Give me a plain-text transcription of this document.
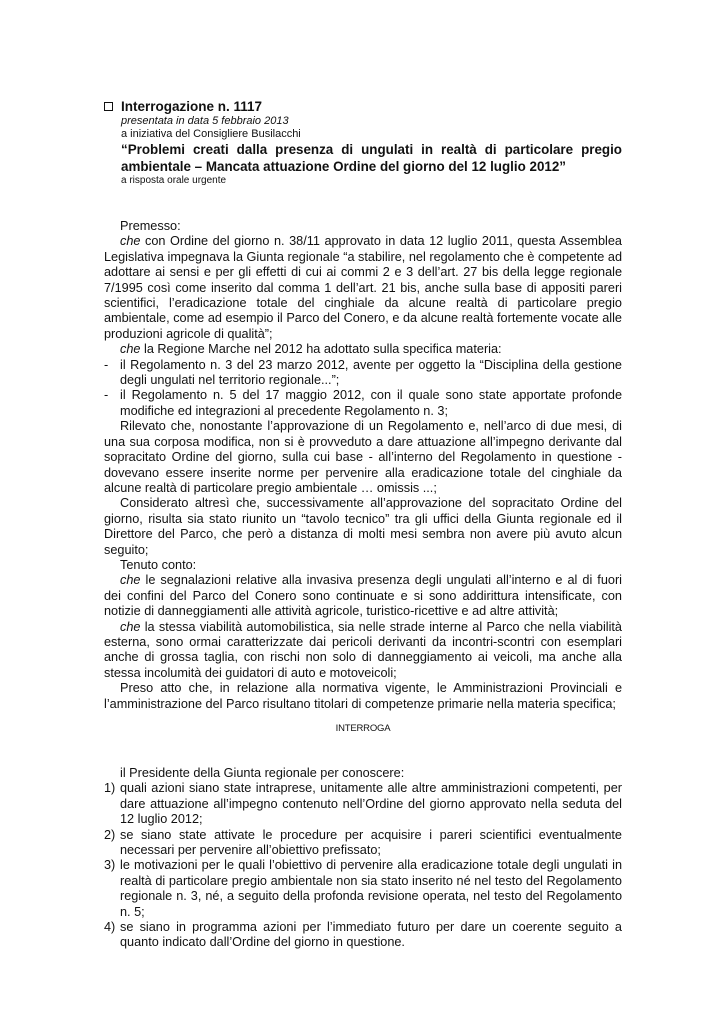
Interrogazione n. 1117
presentata in data 5 febbraio 2013
a iniziativa del Consigliere Busilacchi
“Problemi creati dalla presenza di ungulati in realtà di particolare pregio ambientale – Mancata attuazione Ordine del giorno del 12 luglio 2012”
a risposta orale urgente

Premesso:

che con Ordine del giorno n. 38/11 approvato in data 12 luglio 2011, questa Assemblea Legislativa impegnava la Giunta regionale “a stabilire, nel regolamento che è competente ad adottare ai sensi e per gli effetti di cui ai commi 2 e 3 dell’art. 27 bis della legge regionale 7/1995 così come inserito dal comma 1 dell’art. 21 bis, anche sulla base di appositi pareri scientifici, l’eradicazione totale del cinghiale da alcune realtà di particolare pregio ambientale, come ad esempio il Parco del Conero, e da alcune realtà fortemente vocate alle produzioni agricole di qualità”;

che la Regione Marche nel 2012 ha adottato sulla specifica materia:

- il Regolamento n. 3 del 23 marzo 2012, avente per oggetto la “Disciplina della gestione degli ungulati nel territorio regionale...”;

- il Regolamento n. 5 del 17 maggio 2012, con il quale sono state apportate profonde modifiche ed integrazioni al precedente Regolamento n. 3;

Rilevato che, nonostante l’approvazione di un Regolamento e, nell’arco di due mesi, di una sua corposa modifica, non si è provveduto a dare attuazione all’impegno derivante dal sopracitato Ordine del giorno, sulla cui base - all’interno del Regolamento in questione - dovevano essere inserite norme per pervenire alla eradicazione totale del cinghiale da alcune realtà di particolare pregio ambientale … omissis ...;

Considerato altresì che, successivamente all’approvazione del sopracitato Ordine del giorno, risulta sia stato riunito un “tavolo tecnico” tra gli uffici della Giunta regionale ed il Direttore del Parco, che però a distanza di molti mesi sembra non avere più avuto alcun seguito;

Tenuto conto:

che le segnalazioni relative alla invasiva presenza degli ungulati all’interno e al di fuori dei confini del Parco del Conero sono continuate e si sono addirittura intensificate, con notizie di danneggiamenti alle attività agricole, turistico-ricettive e ad altre attività;

che la stessa viabilità automobilistica, sia nelle strade interne al Parco che nella viabilità esterna, sono ormai caratterizzate dai pericoli derivanti da incontri-scontri con esemplari anche di grossa taglia, con rischi non solo di danneggiamento ai veicoli, ma anche alla stessa incolumità dei guidatori di auto e motoveicoli;

Preso atto che, in relazione alla normativa vigente, le Amministrazioni Provinciali e l’amministrazione del Parco risultano titolari di competenze primarie nella materia specifica;

INTERROGA

il Presidente della Giunta regionale per conoscere:

1) quali azioni siano state intraprese, unitamente alle altre amministrazioni competenti, per dare attuazione all’impegno contenuto nell’Ordine del giorno approvato nella seduta del 12 luglio 2012;

2) se siano state attivate le procedure per acquisire i pareri scientifici eventualmente necessari per pervenire all’obiettivo prefissato;

3) le motivazioni per le quali l’obiettivo di pervenire alla eradicazione totale degli ungulati in realtà di particolare pregio ambientale non sia stato inserito né nel testo del Regolamento regionale n. 3, né, a seguito della profonda revisione operata, nel testo del Regolamento n. 5;

4) se siano in programma azioni per l’immediato futuro per dare un coerente seguito a quanto indicato dall’Ordine del giorno in questione.
